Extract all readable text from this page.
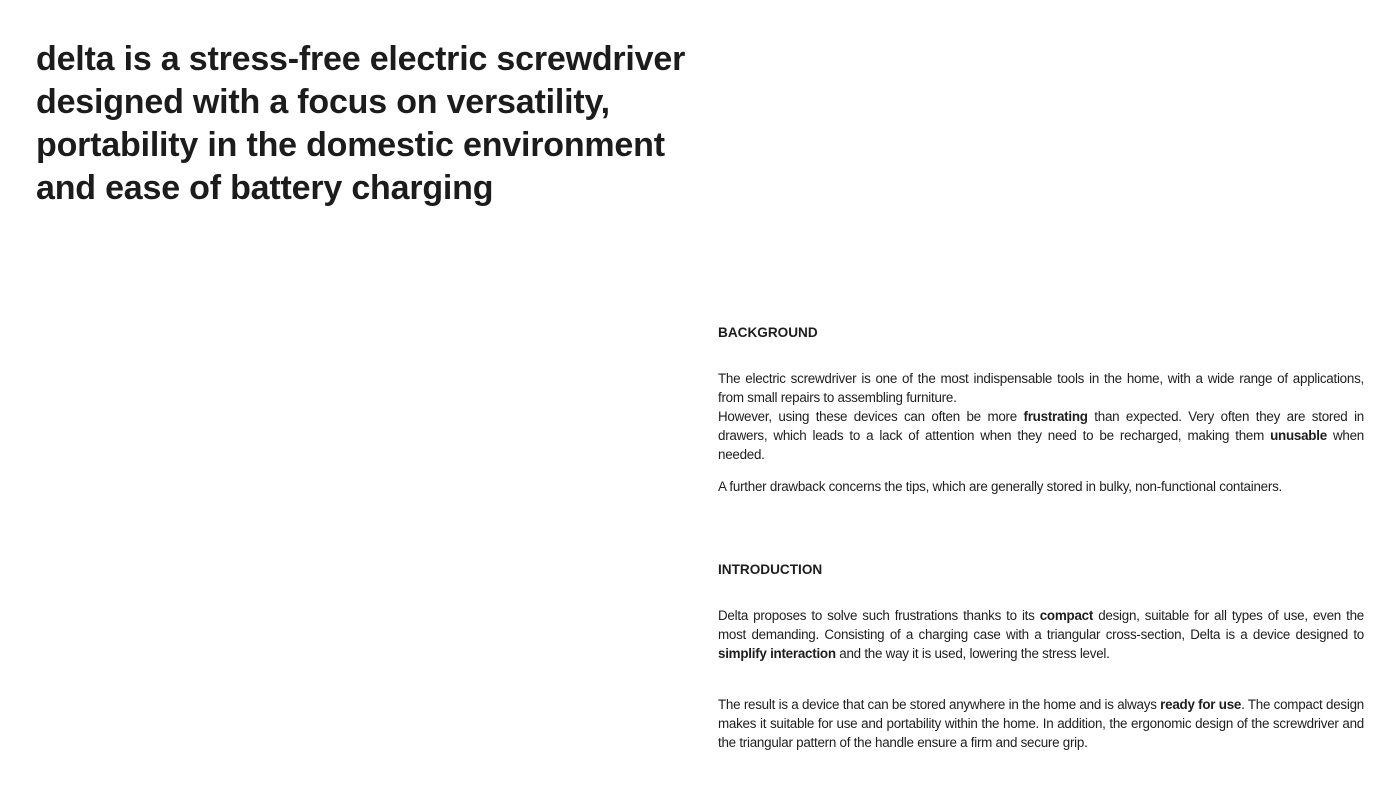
delta is a stress-free electric screwdriver
designed with a focus on versatility,
portability in the domestic environment
and ease of battery charging
BACKGROUND

The electric screwdriver is one of the most indispensable tools in the home, with a wide range of applications, from small repairs to assembling furniture.

However, using these devices can often be more frustrating than expected. Very often they are stored in drawers, which leads to a lack of attention when they need to be recharged, making them unusable when needed.

A further drawback concerns the tips, which are generally stored in bulky, non-functional containers.

INTRODUCTION

Delta proposes to solve such frustrations thanks to its compact design, suitable for all types of use, even the most demanding. Consisting of a charging case with a triangular cross-section, Delta is a device designed to simplify interaction and the way it is used, lowering the stress level.

The result is a device that can be stored anywhere in the home and is always ready for use. The compact design makes it suitable for use and portability within the home. In addition, the ergonomic design of the screwdriver and the triangular pattern of the handle ensure a firm and secure grip.
